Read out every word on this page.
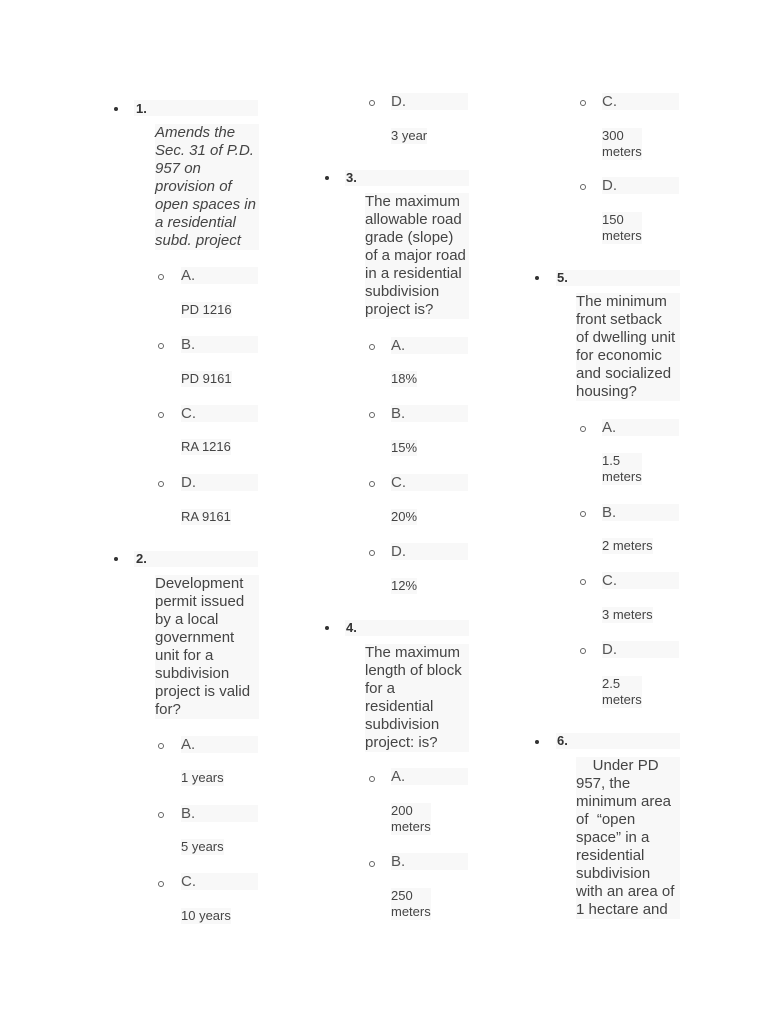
1.
Amends the
Sec. 31 of P.D.
957 on
provision of
open spaces in
a residential
subd. project
A.
PD 1216
B.
PD 9161
C.
RA 1216
D.
RA 9161
2.
Development
permit issued
by a local
government
unit for a
subdivision
project is valid
for?
A.
1 years
B.
5 years
C.
10 years
D.
3 year
3.
The maximum
allowable road
grade (slope)
of a major road
in a residential
subdivision
project is?
A.
18%
B.
15%
C.
20%
D.
12%
4.
The maximum
length of block
for a
residential
subdivision
project: is?
A.
200
meters
B.
250
meters
C.
300
meters
D.
150
meters
5.
The minimum
front setback
of dwelling unit
for economic
and socialized
housing?
A.
1.5
meters
B.
2 meters
C.
3 meters
D.
2.5
meters
6.
Under PD
957, the
minimum area
of  “open
space” in a
residential
subdivision
with an area of
1 hectare and
